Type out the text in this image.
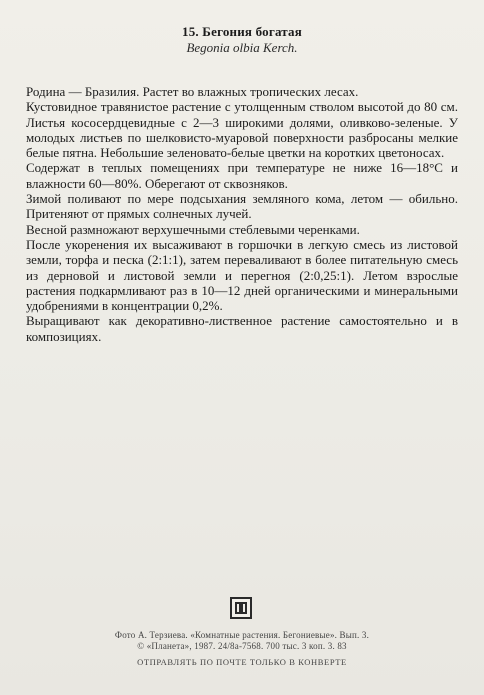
15. Бегония богатая
Begonia olbia Kerch.

Родина — Бразилия. Растет во влажных тропических лесах.

Кустовидное травянистое растение с утолщенным стволом высотой до 80 см. Листья кососердцевидные с 2—3 широкими долями, оливково-зеленые. У молодых листьев по шелковисто-муаровой поверхности разбросаны мелкие белые пятна. Небольшие зеленовато-белые цветки на коротких цветоносах.

Содержат в теплых помещениях при температуре не ниже 16—18°С и влажности 60—80%. Оберегают от сквозняков.

Зимой поливают по мере подсыхания земляного кома, летом — обильно. Притеняют от прямых солнечных лучей.

Весной размножают верхушечными стеблевыми черенками.

После укоренения их высаживают в горшочки в легкую смесь из листовой земли, торфа и песка (2:1:1), затем переваливают в более питательную смесь из дерновой и листовой земли и перегноя (2:0,25:1). Летом взрослые растения подкармливают раз в 10—12 дней органическими и минеральными удобрениями в концентрации 0,2%.

Выращивают как декоративно-лиственное растение самостоятельно и в композициях.

Фото А. Терзиева. «Комнатные растения. Бегониевые». Вып. 3.
© «Планета», 1987. 24/8а-7568. 700 тыс. 3 коп. 3. 83
ОТПРАВЛЯТЬ ПО ПОЧТЕ ТОЛЬКО В КОНВЕРТЕ
